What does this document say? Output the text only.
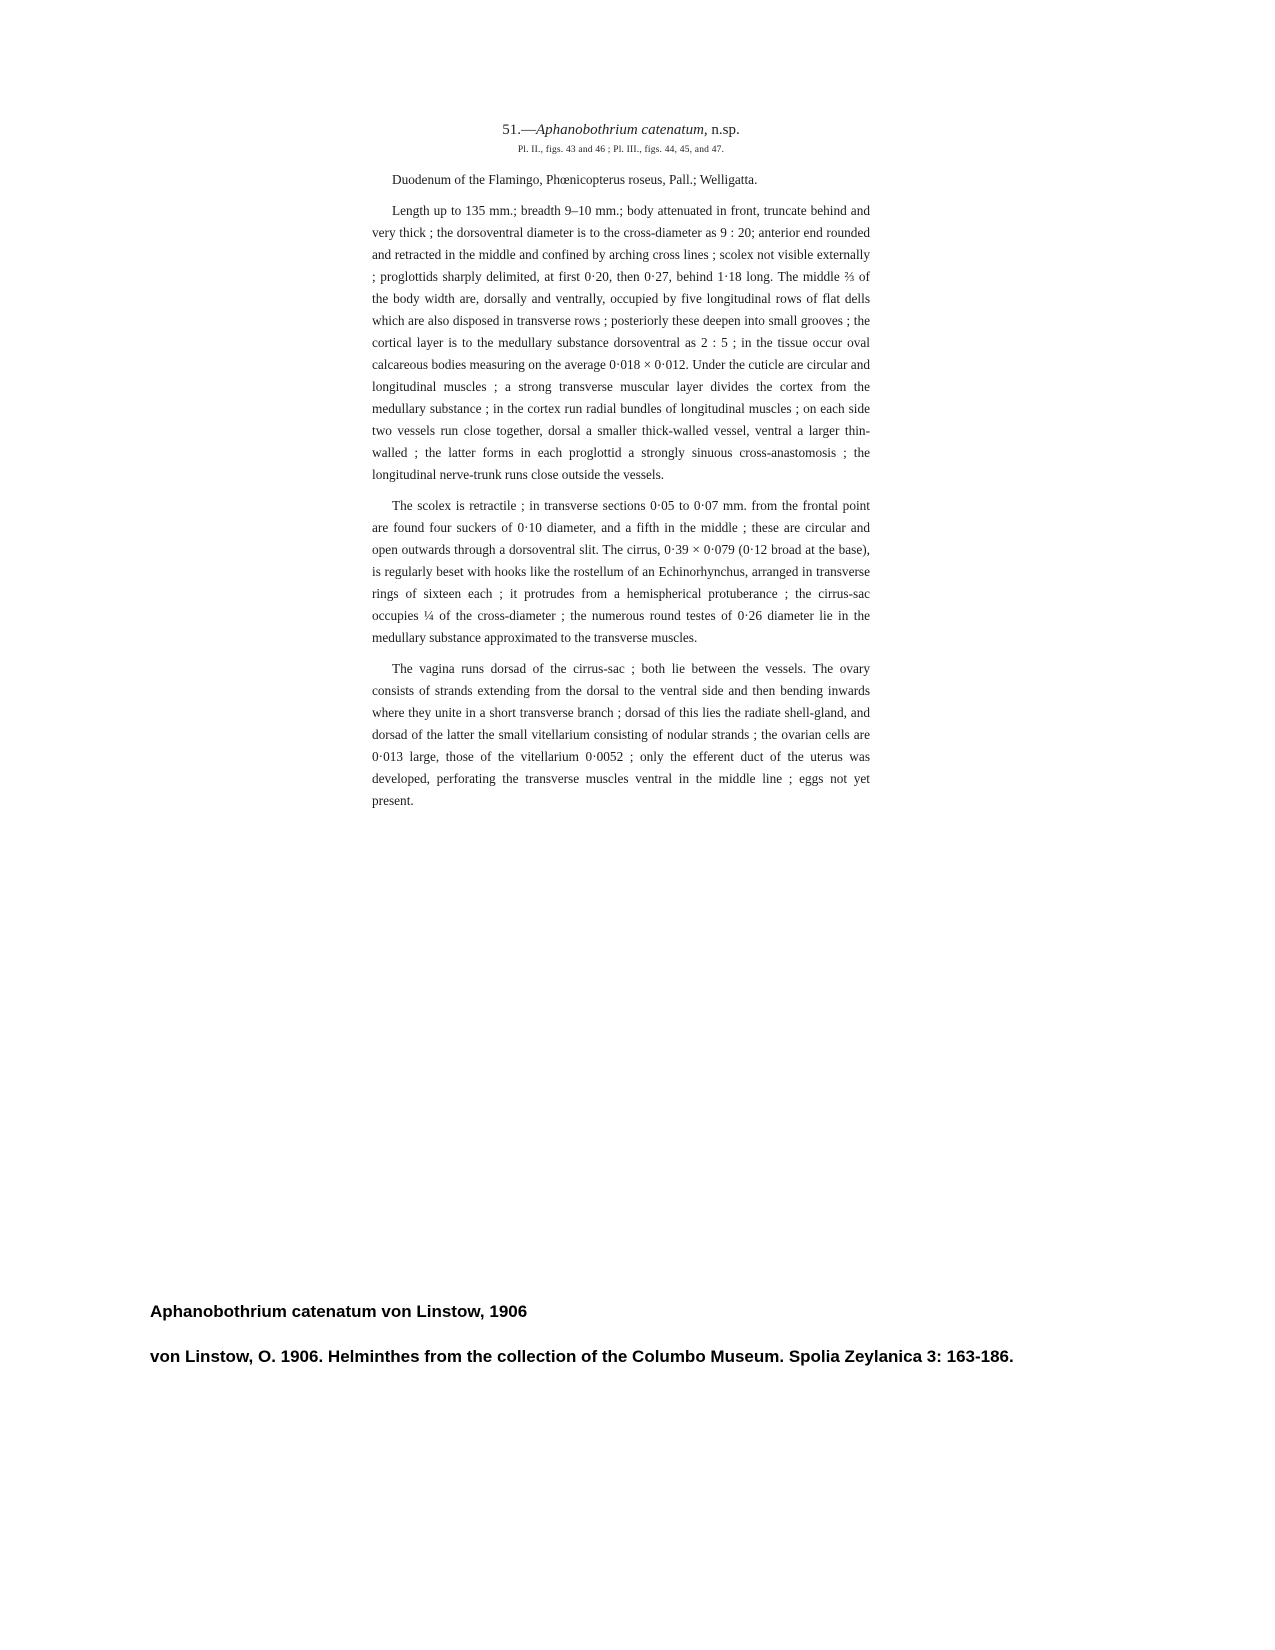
51.—Aphanobothrium catenatum, n.sp.
Pl. II., figs. 43 and 46 ; Pl. III., figs. 44, 45, and 47.

Duodenum of the Flamingo, Phœnicopterus roseus, Pall.; Welligatta.

Length up to 135 mm.; breadth 9–10 mm.; body attenuated in front, truncate behind and very thick ; the dorsoventral diameter is to the cross-diameter as 9 : 20; anterior end rounded and retracted in the middle and confined by arching cross lines ; scolex not visible externally ; proglottids sharply delimited, at first 0·20, then 0·27, behind 1·18 long. The middle ⅔ of the body width are, dorsally and ventrally, occupied by five longitudinal rows of flat dells which are also disposed in transverse rows ; posteriorly these deepen into small grooves ; the cortical layer is to the medullary substance dorsoventral as 2 : 5 ; in the tissue occur oval calcareous bodies measuring on the average 0·018 × 0·012. Under the cuticle are circular and longitudinal muscles ; a strong transverse muscular layer divides the cortex from the medullary substance ; in the cortex run radial bundles of longitudinal muscles ; on each side two vessels run close together, dorsal a smaller thick-walled vessel, ventral a larger thin-walled ; the latter forms in each proglottid a strongly sinuous cross-anastomosis ; the longitudinal nerve-trunk runs close outside the vessels.

The scolex is retractile ; in transverse sections 0·05 to 0·07 mm. from the frontal point are found four suckers of 0·10 diameter, and a fifth in the middle ; these are circular and open outwards through a dorsoventral slit. The cirrus, 0·39 × 0·079 (0·12 broad at the base), is regularly beset with hooks like the rostellum of an Echinorhynchus, arranged in transverse rings of sixteen each ; it protrudes from a hemispherical protuberance ; the cirrus-sac occupies ¼ of the cross-diameter ; the numerous round testes of 0·26 diameter lie in the medullary substance approximated to the transverse muscles.

The vagina runs dorsad of the cirrus-sac ; both lie between the vessels. The ovary consists of strands extending from the dorsal to the ventral side and then bending inwards where they unite in a short transverse branch ; dorsad of this lies the radiate shell-gland, and dorsad of the latter the small vitellarium consisting of nodular strands ; the ovarian cells are 0·013 large, those of the vitellarium 0·0052 ; only the efferent duct of the uterus was developed, perforating the transverse muscles ventral in the middle line ; eggs not yet present.

Aphanobothrium catenatum von Linstow, 1906
von Linstow, O. 1906. Helminthes from the collection of the Columbo Museum. Spolia Zeylanica 3: 163-186.
